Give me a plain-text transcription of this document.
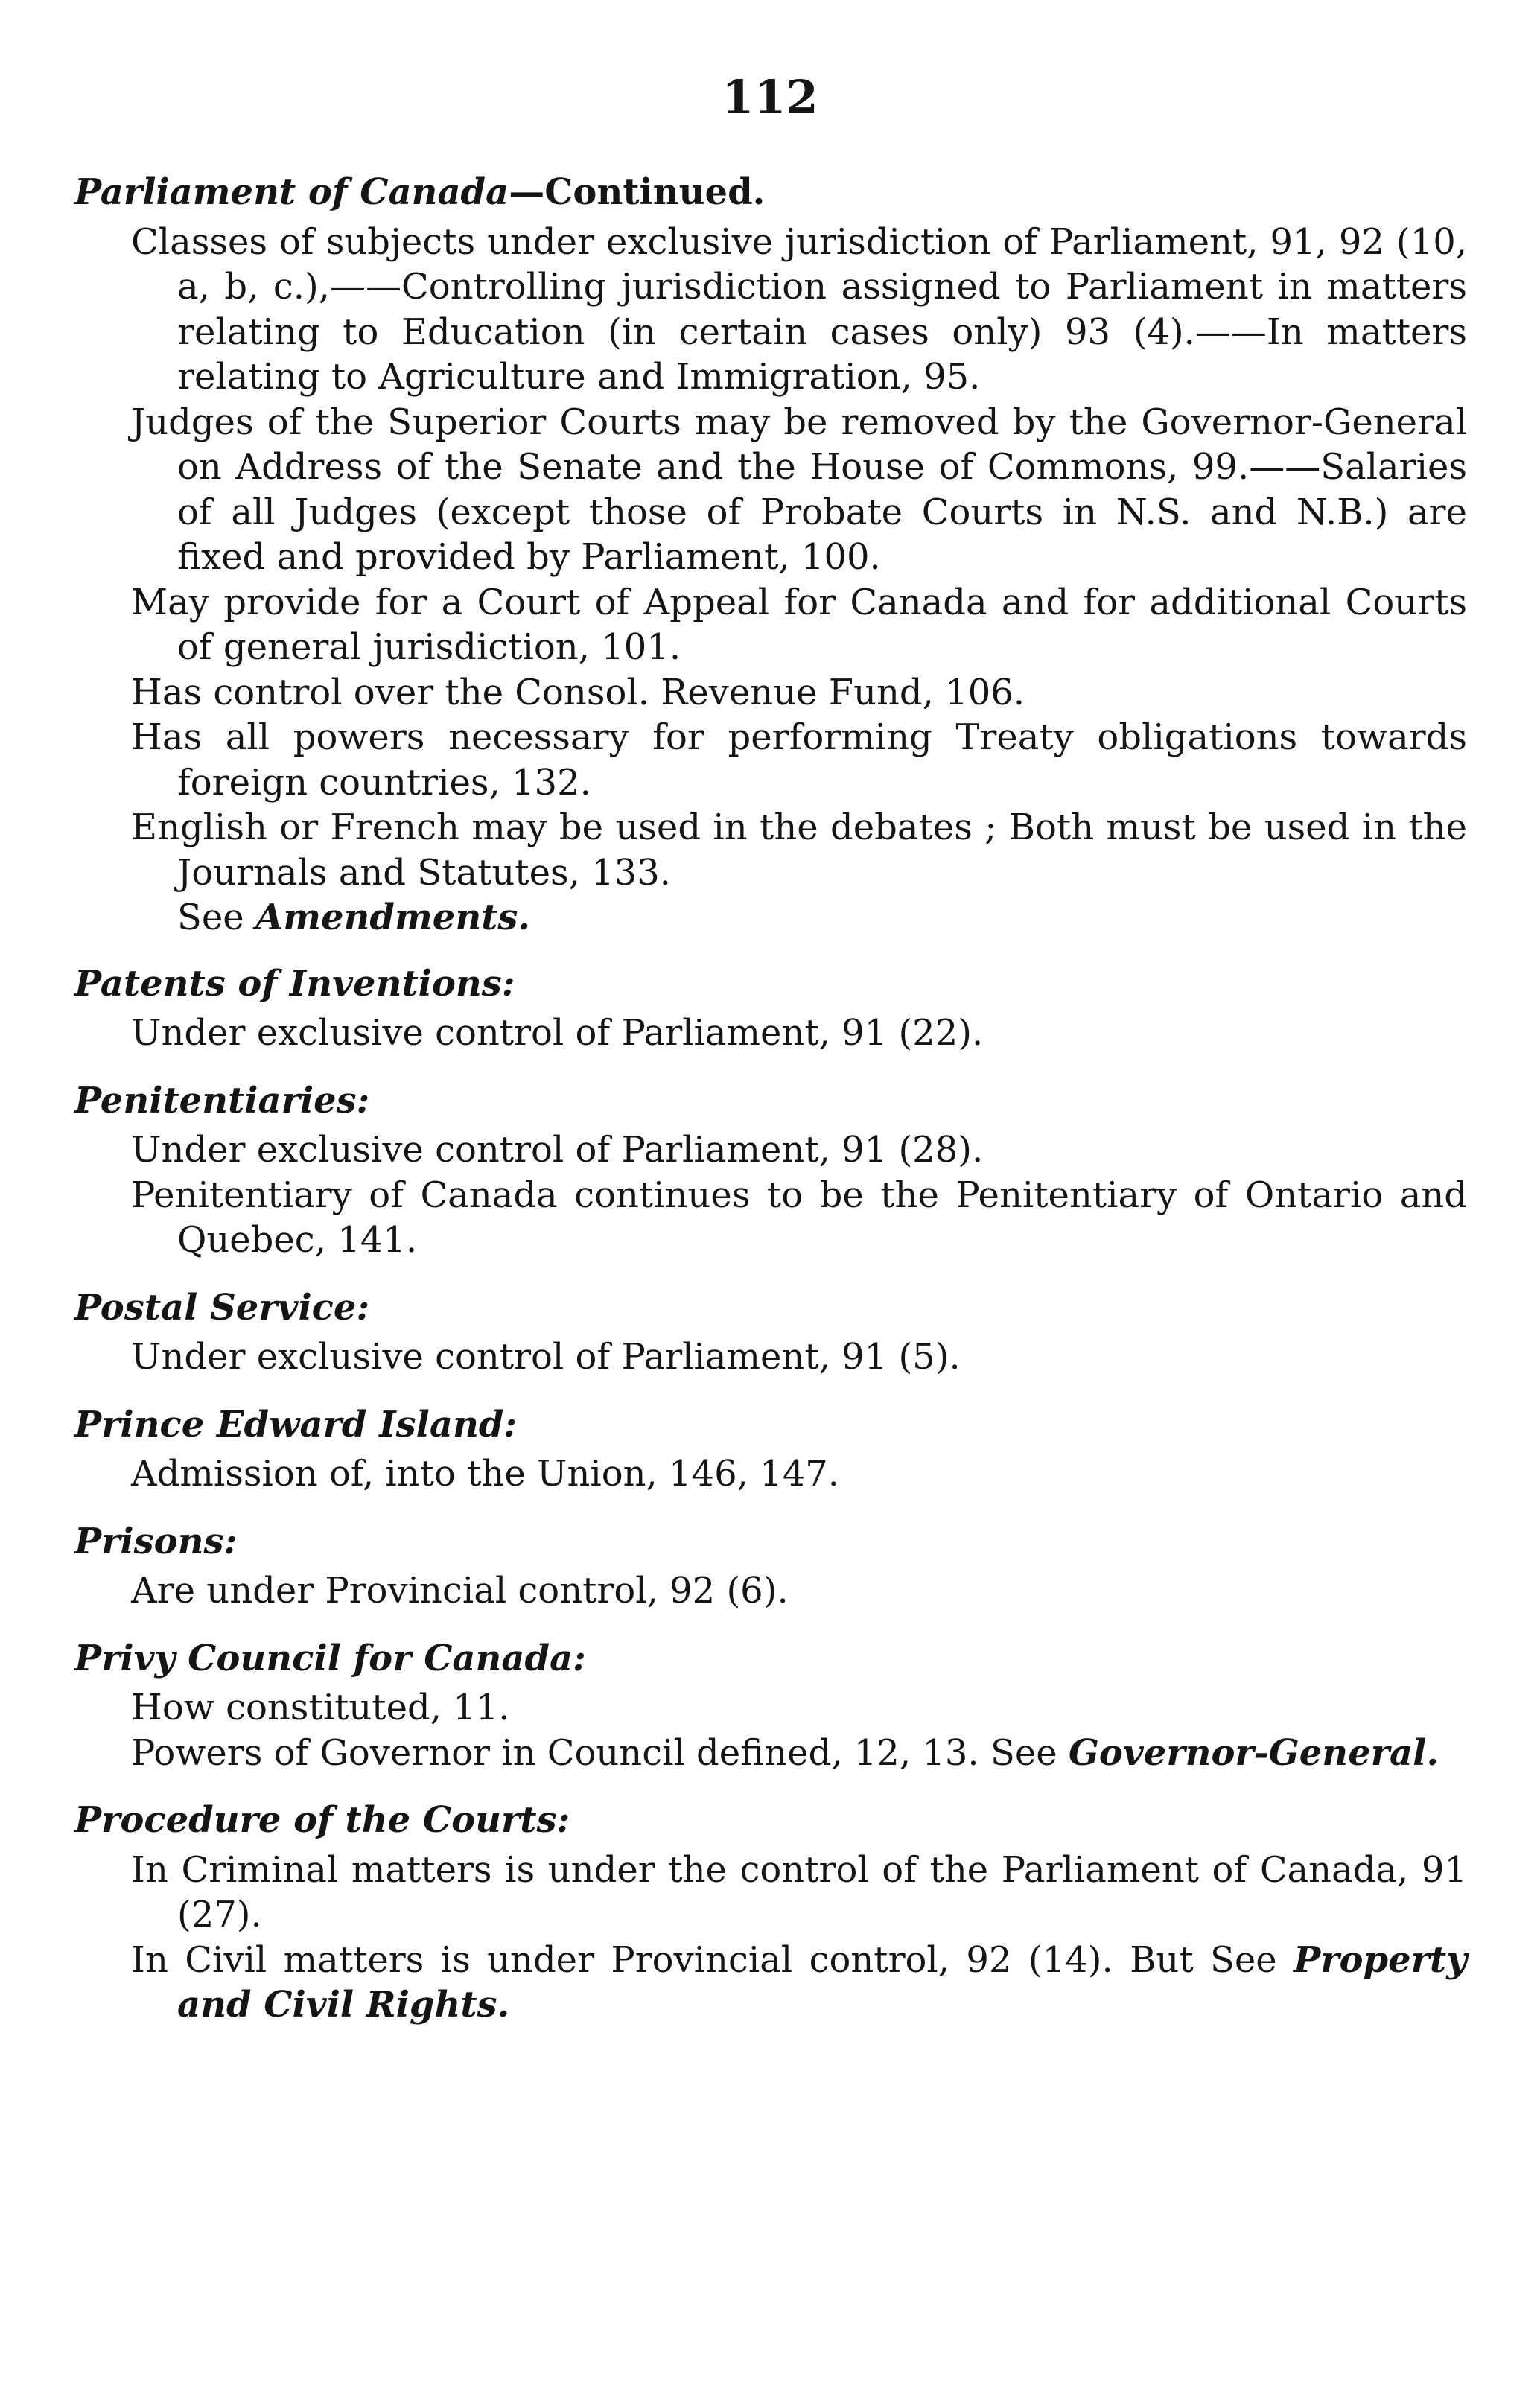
112
Parliament of Canada—Continued.
Classes of subjects under exclusive jurisdiction of Parliament, 91, 92 (10, a, b, c.),——Controlling jurisdiction assigned to Parliament in matters relating to Education (in certain cases only) 93 (4).——In matters relating to Agriculture and Immigration, 95.
Judges of the Superior Courts may be removed by the Governor-General on Address of the Senate and the House of Commons, 99.——Salaries of all Judges (except those of Probate Courts in N.S. and N.B.) are fixed and provided by Parliament, 100.
May provide for a Court of Appeal for Canada and for additional Courts of general jurisdiction, 101.
Has control over the Consol. Revenue Fund, 106.
Has all powers necessary for performing Treaty obligations towards foreign countries, 132.
English or French may be used in the debates ; Both must be used in the Journals and Statutes, 133.
See Amendments.
Patents of Inventions:
Under exclusive control of Parliament, 91 (22).
Penitentiaries:
Under exclusive control of Parliament, 91 (28).
Penitentiary of Canada continues to be the Penitentiary of Ontario and Quebec, 141.
Postal Service:
Under exclusive control of Parliament, 91 (5).
Prince Edward Island:
Admission of, into the Union, 146, 147.
Prisons:
Are under Provincial control, 92 (6).
Privy Council for Canada:
How constituted, 11.
Powers of Governor in Council defined, 12, 13. See Governor-General.
Procedure of the Courts:
In Criminal matters is under the control of the Parliament of Canada, 91 (27).
In Civil matters is under Provincial control, 92 (14). But See Property and Civil Rights.
